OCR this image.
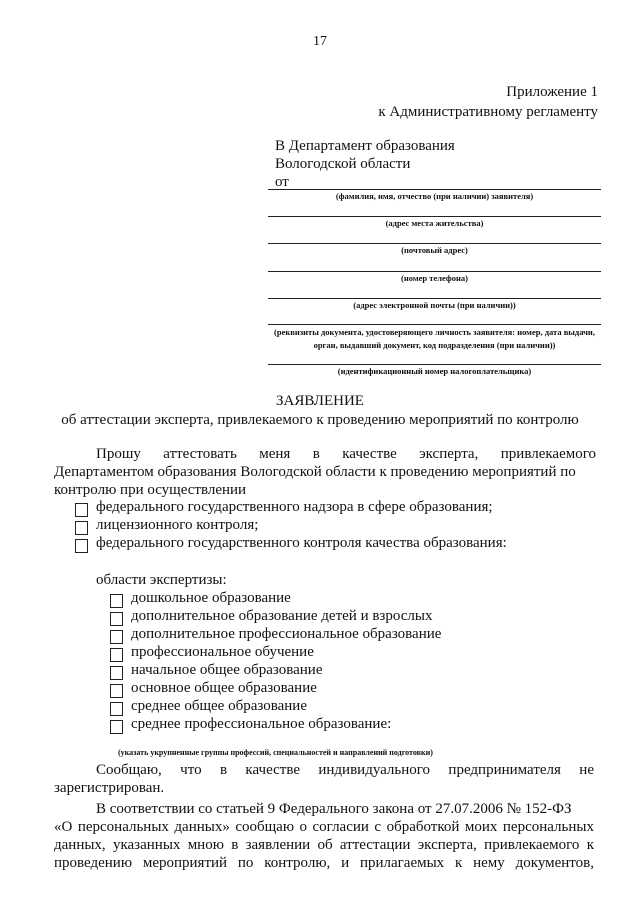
17
Приложение 1
к Административному регламенту
В Департамент образования
Вологодской области
от
(фамилия, имя, отчество (при наличии) заявителя)
(адрес места жительства)
(почтовый адрес)
(номер телефона)
(адрес электронной почты (при наличии))
(реквизиты документа, удостоверяющего личность заявителя: номер, дата выдачи, орган, выдавший документ, код подразделения (при наличии))
(идентификационный номер налогоплательщика)
ЗАЯВЛЕНИЕ
об аттестации эксперта, привлекаемого к проведению мероприятий по контролю
Прошу аттестовать меня в качестве эксперта, привлекаемого
Департаментом образования Вологодской области к проведению мероприятий по
контролю при осуществлении
федерального государственного надзора в сфере образования;
лицензионного контроля;
федерального государственного контроля качества образования:
области экспертизы:
дошкольное образование
дополнительное образование детей и взрослых
дополнительное профессиональное образование
профессиональное обучение
начальное общее образование
основное общее образование
среднее общее образование
среднее профессиональное образование:
(указать укрупненные группы профессий, специальностей и направлений подготовки)
Сообщаю, что в качестве индивидуального предпринимателя не
зарегистрирован.
В соответствии со статьей 9 Федерального закона от 27.07.2006 № 152-ФЗ
«О персональных данных» сообщаю о согласии с обработкой моих персональных
данных, указанных мною в заявлении об аттестации эксперта, привлекаемого к
проведению мероприятий по контролю, и прилагаемых к нему документов,
